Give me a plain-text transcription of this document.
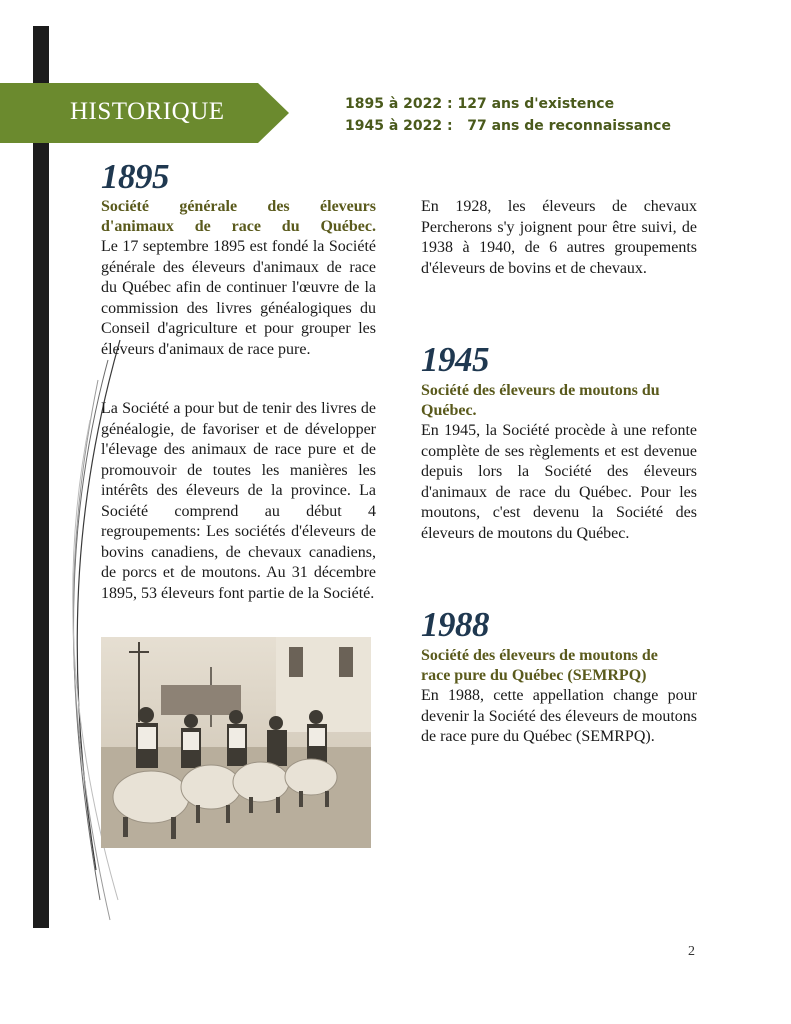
HISTORIQUE	1895 à 2022 : 127 ans d'existence
1945 à 2022 :   77 ans de reconnaissance
1895
Société générale des éleveurs
d'animaux de race du Québec.

Le 17 septembre 1895 est fondé la Société générale des éleveurs d'animaux de race du Québec afin de continuer l'œuvre de la commission des livres généalogiques du Conseil d'agriculture et pour grouper les éleveurs d'animaux de race pure.

La Société a pour but de tenir des livres de généalogie, de favoriser et de développer l'élevage des animaux de race pure et de promouvoir de toutes les manières les intérêts des éleveurs de la province. La Société comprend au début 4 regroupements: Les sociétés d'éleveurs de bovins canadiens, de chevaux canadiens, de porcs et de moutons. Au 31 décembre 1895, 53 éleveurs font partie de la Société.

En 1928, les éleveurs de chevaux Percherons s'y joignent pour être suivi, de 1938 à 1940, de 6 autres groupements d'éleveurs de bovins et de chevaux.

1945
Société des éleveurs de moutons du
Québec.

En 1945, la Société procède à une refonte complète de ses règlements et est devenue depuis lors la Société des éleveurs d'animaux de race du Québec. Pour les moutons, c'est devenu la Société des éleveurs de moutons du Québec.

1988
Société des éleveurs de moutons de
race pure du Québec (SEMRPQ)

En 1988, cette appellation change pour devenir la Société des éleveurs de moutons de race pure du Québec (SEMRPQ).

2
